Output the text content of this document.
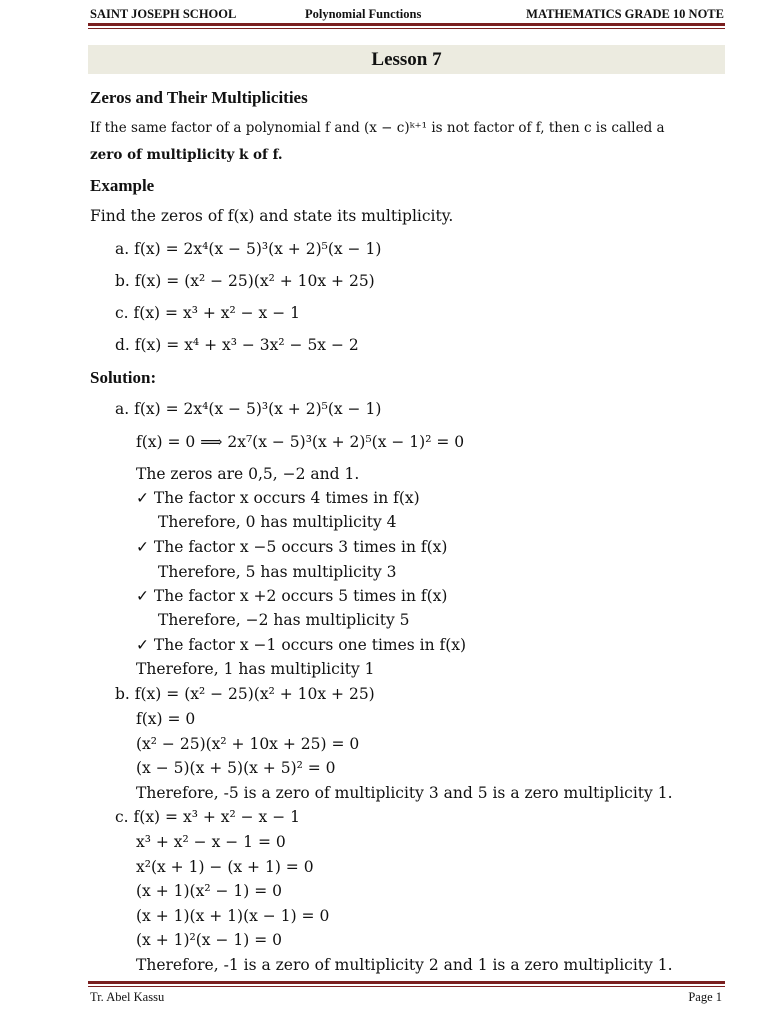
SAINT JOSEPH SCHOOL	Polynomial Functions	MATHEMATICS GRADE 10 NOTE
Lesson 7
Zeros and Their Multiplicities
If the same factor of a polynomial f and (x − c)ᵏ⁺¹ is not factor of f, then c is called a
zero of multiplicity k of f.
Example
Find the zeros of f(x) and state its multiplicity.
a. f(x) = 2x⁴(x − 5)³(x + 2)⁵(x − 1)
b. f(x) = (x² − 25)(x² + 10x + 25)
c. f(x) = x³ + x² − x − 1
d. f(x) = x⁴ + x³ − 3x² − 5x − 2
Solution:
a. f(x) = 2x⁴(x − 5)³(x + 2)⁵(x − 1)
f(x) = 0 ⟹ 2x⁷(x − 5)³(x + 2)⁵(x − 1)² = 0
The zeros are 0,5, −2 and 1.
✓ The factor x occurs 4 times in f(x)
Therefore, 0 has multiplicity 4
✓ The factor x −5 occurs 3 times in f(x)
Therefore, 5 has multiplicity 3
✓ The factor x +2 occurs 5 times in f(x)
Therefore, −2 has multiplicity 5
✓ The factor x −1 occurs one times in f(x)
Therefore, 1 has multiplicity 1
b. f(x) = (x² − 25)(x² + 10x + 25)
f(x) = 0
(x² − 25)(x² + 10x + 25) = 0
(x − 5)(x + 5)(x + 5)² = 0
Therefore, -5 is a zero of multiplicity 3 and 5 is a zero multiplicity 1.
c. f(x) = x³ + x² − x − 1
x³ + x² − x − 1 = 0
x²(x + 1) − (x + 1) = 0
(x + 1)(x² − 1) = 0
(x + 1)(x + 1)(x − 1) = 0
(x + 1)²(x − 1) = 0
Therefore, -1 is a zero of multiplicity 2 and 1 is a zero multiplicity 1.
Tr. Abel Kassu	Page 1
